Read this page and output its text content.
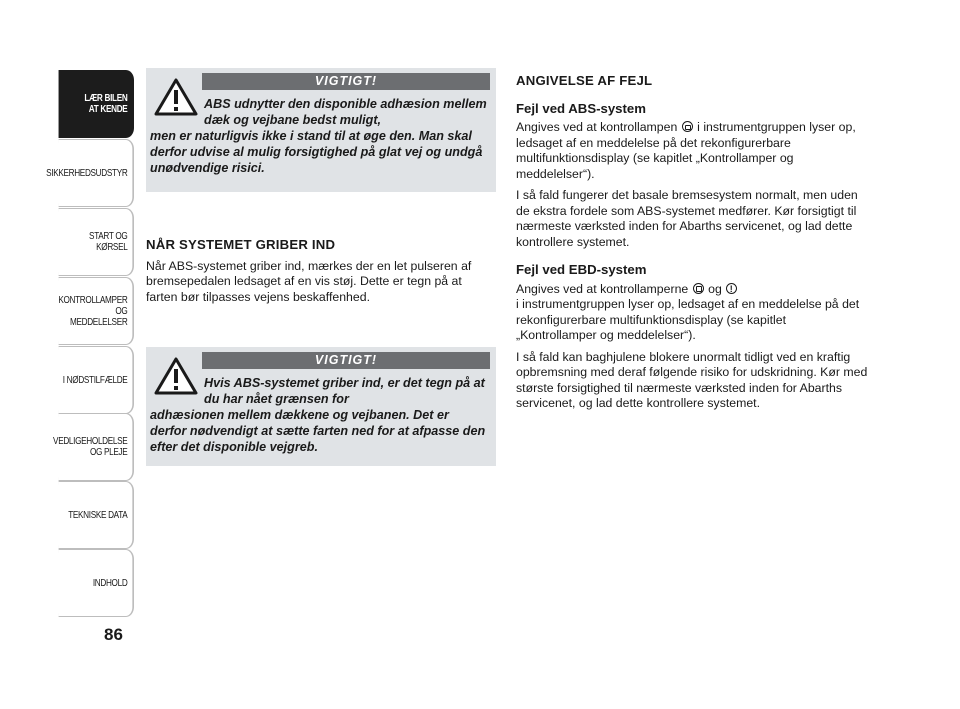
LÆR BILEN
AT KENDE
SIKKERHEDSUDSTYR
START OG KØRSEL
KONTROLLAMPER
OG MEDDELELSER
I NØDSTILFÆLDE
VEDLIGEHOLDELSE
OG PLEJE
TEKNISKE DATA
INDHOLD
86
VIGTIGT!
ABS udnytter den disponible adhæsion mellem dæk og vejbane bedst muligt,
men er naturligvis ikke i stand til at øge den. Man skal derfor udvise al mulig forsigtighed på glat vej og undgå unødvendige risici.
NÅR SYSTEMET GRIBER IND
Når ABS-systemet griber ind, mærkes der en let pulseren af bremsepedalen ledsaget af en vis støj. Dette er tegn på at farten bør tilpasses vejens beskaffenhed.
VIGTIGT!
Hvis ABS-systemet griber ind, er det tegn på at du har nået grænsen for
adhæsionen mellem dækkene og vejbanen. Det er derfor nødvendigt at sætte farten ned for at afpasse den efter det disponible vejgreb.
ANGIVELSE AF FEJL
Fejl ved ABS-system
Angives ved at kontrollampen i instrumentgruppen lyser op, ledsaget af en meddelelse på det rekonfigurerbare multifunktionsdisplay (se kapitlet „Kontrollamper og meddelelser“).
I så fald fungerer det basale bremsesystem normalt, men uden de ekstra fordele som ABS-systemet medfører. Kør forsigtigt til nærmeste værksted inden for Abarths servicenet, og lad dette kontrollere systemet.
Fejl ved EBD-system
Angives ved at kontrollamperne og !
i instrumentgruppen lyser op, ledsaget af en meddelelse på det rekonfigurerbare multifunktionsdisplay (se kapitlet „Kontrollamper og meddelelser“).
I så fald kan baghjulene blokere unormalt tidligt ved en kraftig opbremsning med deraf følgende risiko for udskridning. Kør med største forsigtighed til nærmeste værksted inden for Abarths servicenet, og lad dette kontrollere systemet.
